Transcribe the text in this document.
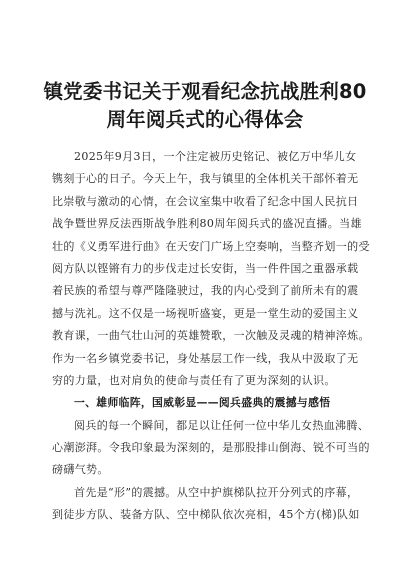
镇党委书记关于观看纪念抗战胜利80
周年阅兵式的心得体会
2025年9月3日，一个注定被历史铭记、被亿万中华儿女
镌刻于心的日子。今天上午，我与镇里的全体机关干部怀着无
比崇敬与激动的心情，在会议室集中收看了纪念中国人民抗日
战争暨世界反法西斯战争胜利80周年阅兵式的盛况直播。当雄
壮的《义勇军进行曲》在天安门广场上空奏响，当整齐划一的受
阅方队以铿锵有力的步伐走过长安街，当一件件国之重器承载
着民族的希望与尊严隆隆驶过，我的内心受到了前所未有的震
撼与洗礼。这不仅是一场视听盛宴，更是一堂生动的爱国主义
教育课，一曲气壮山河的英雄赞歌，一次触及灵魂的精神淬炼。
作为一名乡镇党委书记，身处基层工作一线，我从中汲取了无
穷的力量，也对肩负的使命与责任有了更为深刻的认识。
一、雄师临阵，国威彰显——阅兵盛典的震撼与感悟
阅兵的每一个瞬间，都足以让任何一位中华儿女热血沸腾、
心潮澎湃。令我印象最为深刻的，是那股排山倒海、锐不可当的
磅礴气势。
首先是“形”的震撼。从空中护旗梯队拉开分列式的序幕，
到徒步方队、装备方队、空中梯队依次亮相，45个方(梯)队如
